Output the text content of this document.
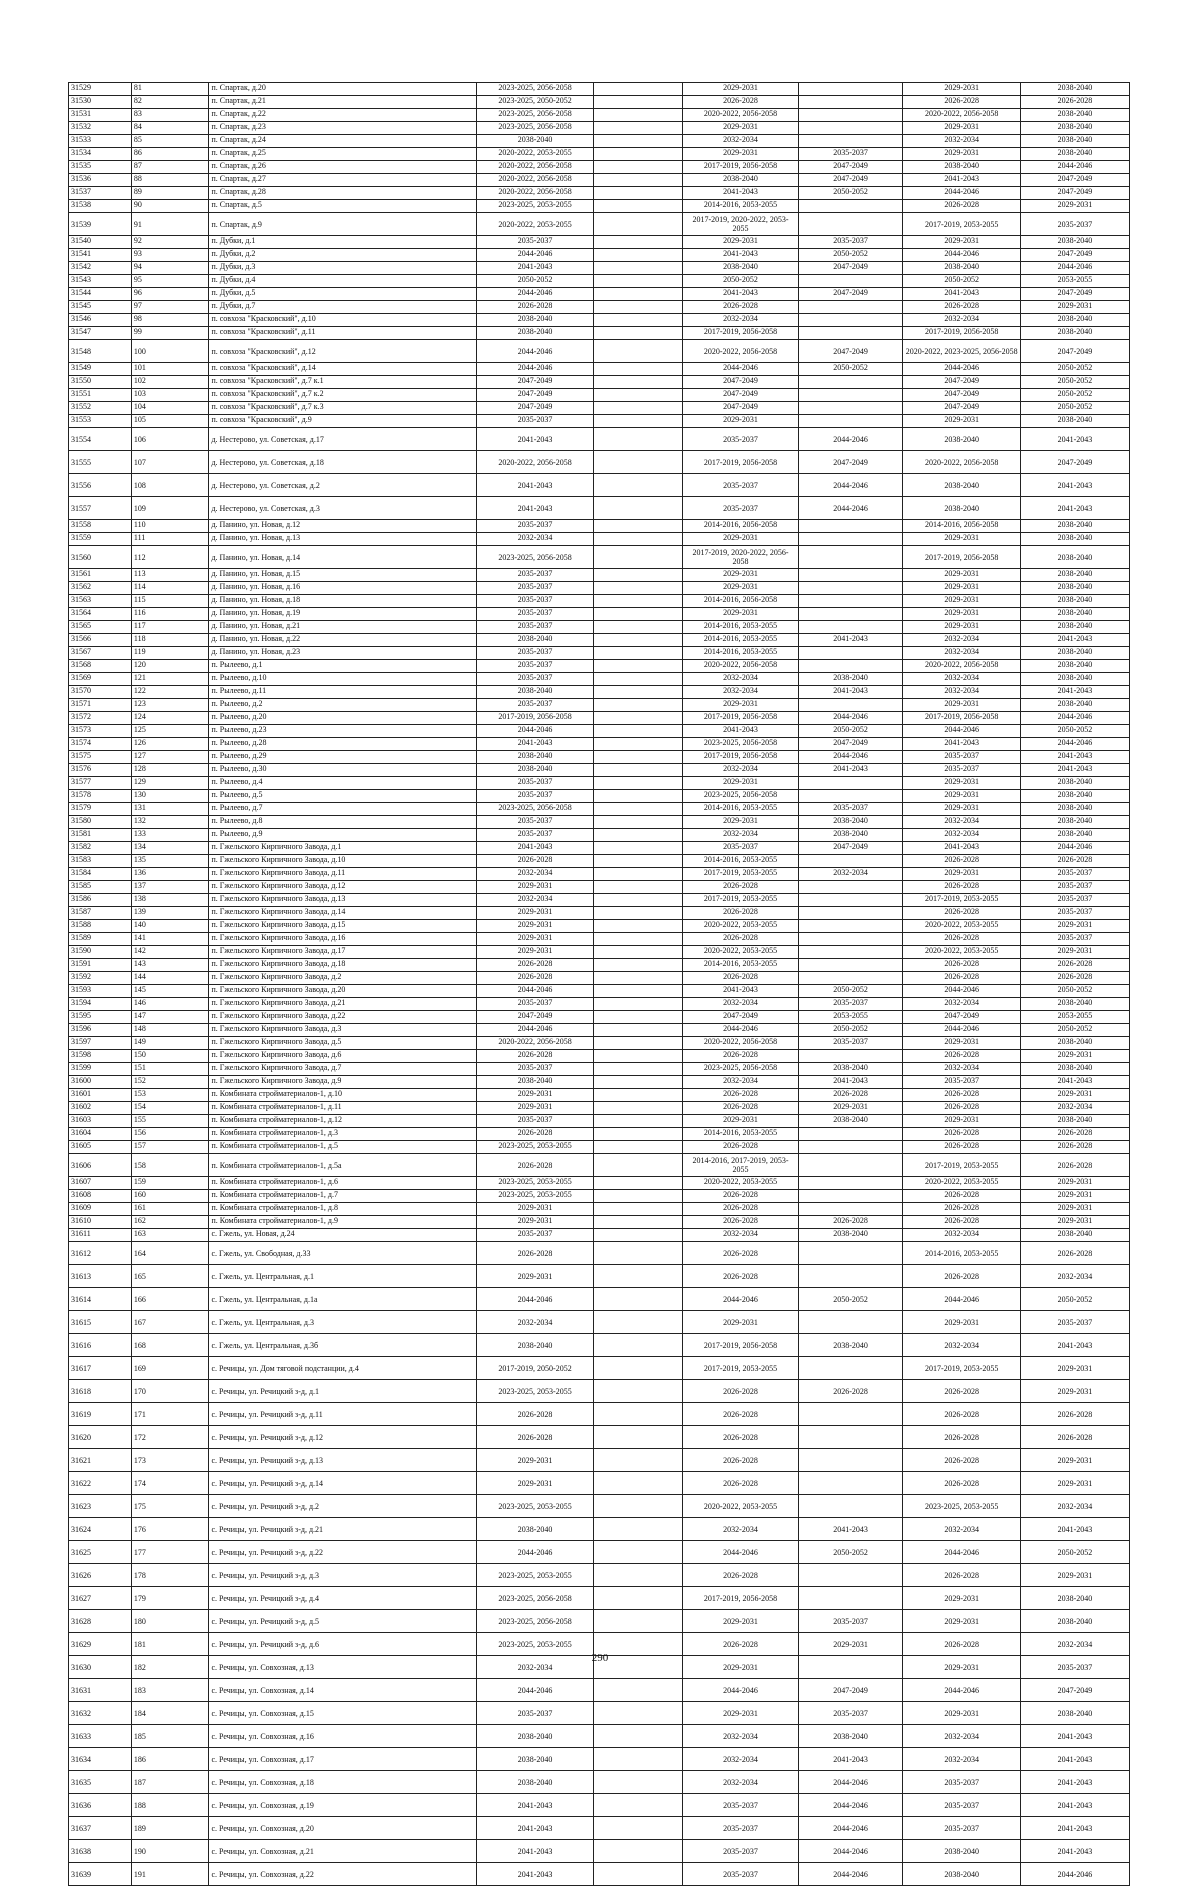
31529	81	п. Спартак, д.20	2023-2025, 2056-2058		2029-2031		2029-2031	2038-2040
31530	82	п. Спартак, д.21	2023-2025, 2050-2052		2026-2028		2026-2028	2026-2028
31531	83	п. Спартак, д.22	2023-2025, 2056-2058		2020-2022, 2056-2058		2020-2022, 2056-2058	2038-2040
31532	84	п. Спартак, д.23	2023-2025, 2056-2058		2029-2031		2029-2031	2038-2040
31533	85	п. Спартак, д.24	2038-2040		2032-2034		2032-2034	2038-2040
31534	86	п. Спартак, д.25	2020-2022, 2053-2055		2029-2031	2035-2037	2029-2031	2038-2040
31535	87	п. Спартак, д.26	2020-2022, 2056-2058		2017-2019, 2056-2058	2047-2049	2038-2040	2044-2046
31536	88	п. Спартак, д.27	2020-2022, 2056-2058		2038-2040	2047-2049	2041-2043	2047-2049
31537	89	п. Спартак, д.28	2020-2022, 2056-2058		2041-2043	2050-2052	2044-2046	2047-2049
31538	90	п. Спартак, д.5	2023-2025, 2053-2055		2014-2016, 2053-2055		2026-2028	2029-2031
31539	91	п. Спартак, д.9	2020-2022, 2053-2055		2017-2019, 2020-2022, 2053-2055		2017-2019, 2053-2055	2035-2037
31540	92	п. Дубки, д.1	2035-2037		2029-2031	2035-2037	2029-2031	2038-2040
31541	93	п. Дубки, д.2	2044-2046		2041-2043	2050-2052	2044-2046	2047-2049
31542	94	п. Дубки, д.3	2041-2043		2038-2040	2047-2049	2038-2040	2044-2046
31543	95	п. Дубки, д.4	2050-2052		2050-2052		2050-2052	2053-2055
31544	96	п. Дубки, д.5	2044-2046		2041-2043	2047-2049	2041-2043	2047-2049
31545	97	п. Дубки, д.7	2026-2028		2026-2028		2026-2028	2029-2031
31546	98	п. совхоза "Красковский", д.10	2038-2040		2032-2034		2032-2034	2038-2040
31547	99	п. совхоза "Красковский", д.11	2038-2040		2017-2019, 2056-2058		2017-2019, 2056-2058	2038-2040
31548	100	п. совхоза "Красковский", д.12	2044-2046		2020-2022, 2056-2058	2047-2049	2020-2022, 2023-2025, 2056-2058	2047-2049
31549	101	п. совхоза "Красковский", д.14	2044-2046		2044-2046	2050-2052	2044-2046	2050-2052
31550	102	п. совхоза "Красковский", д.7 к.1	2047-2049		2047-2049		2047-2049	2050-2052
31551	103	п. совхоза "Красковский", д.7 к.2	2047-2049		2047-2049		2047-2049	2050-2052
31552	104	п. совхоза "Красковский", д.7 к.3	2047-2049		2047-2049		2047-2049	2050-2052
31553	105	п. совхоза "Красковский", д.9	2035-2037		2029-2031		2029-2031	2038-2040
31554	106	д. Нестерово, ул. Советская, д.17	2041-2043		2035-2037	2044-2046	2038-2040	2041-2043
31555	107	д. Нестерово, ул. Советская, д.18	2020-2022, 2056-2058		2017-2019, 2056-2058	2047-2049	2020-2022, 2056-2058	2047-2049
31556	108	д. Нестерово, ул. Советская, д.2	2041-2043		2035-2037	2044-2046	2038-2040	2041-2043
31557	109	д. Нестерово, ул. Советская, д.3	2041-2043		2035-2037	2044-2046	2038-2040	2041-2043
31558	110	д. Панино, ул. Новая, д.12	2035-2037		2014-2016, 2056-2058		2014-2016, 2056-2058	2038-2040
31559	111	д. Панино, ул. Новая, д.13	2032-2034		2029-2031		2029-2031	2038-2040
31560	112	д. Панино, ул. Новая, д.14	2023-2025, 2056-2058		2017-2019, 2020-2022, 2056-2058		2017-2019, 2056-2058	2038-2040
31561	113	д. Панино, ул. Новая, д.15	2035-2037		2029-2031		2029-2031	2038-2040
31562	114	д. Панино, ул. Новая, д.16	2035-2037		2029-2031		2029-2031	2038-2040
31563	115	д. Панино, ул. Новая, д.18	2035-2037		2014-2016, 2056-2058		2029-2031	2038-2040
31564	116	д. Панино, ул. Новая, д.19	2035-2037		2029-2031		2029-2031	2038-2040
31565	117	д. Панино, ул. Новая, д.21	2035-2037		2014-2016, 2053-2055		2029-2031	2038-2040
31566	118	д. Панино, ул. Новая, д.22	2038-2040		2014-2016, 2053-2055	2041-2043	2032-2034	2041-2043
31567	119	д. Панино, ул. Новая, д.23	2035-2037		2014-2016, 2053-2055		2032-2034	2038-2040
31568	120	п. Рылеево, д.1	2035-2037		2020-2022, 2056-2058		2020-2022, 2056-2058	2038-2040
31569	121	п. Рылеево, д.10	2035-2037		2032-2034	2038-2040	2032-2034	2038-2040
31570	122	п. Рылеево, д.11	2038-2040		2032-2034	2041-2043	2032-2034	2041-2043
31571	123	п. Рылеево, д.2	2035-2037		2029-2031		2029-2031	2038-2040
31572	124	п. Рылеево, д.20	2017-2019, 2056-2058		2017-2019, 2056-2058	2044-2046	2017-2019, 2056-2058	2044-2046
31573	125	п. Рылеево, д.23	2044-2046		2041-2043	2050-2052	2044-2046	2050-2052
31574	126	п. Рылеево, д.28	2041-2043		2023-2025, 2056-2058	2047-2049	2041-2043	2044-2046
31575	127	п. Рылеево, д.29	2038-2040		2017-2019, 2056-2058	2044-2046	2035-2037	2041-2043
31576	128	п. Рылеево, д.30	2038-2040		2032-2034	2041-2043	2035-2037	2041-2043
31577	129	п. Рылеево, д.4	2035-2037		2029-2031		2029-2031	2038-2040
31578	130	п. Рылеево, д.5	2035-2037		2023-2025, 2056-2058		2029-2031	2038-2040
31579	131	п. Рылеево, д.7	2023-2025, 2056-2058		2014-2016, 2053-2055	2035-2037	2029-2031	2038-2040
31580	132	п. Рылеево, д.8	2035-2037		2029-2031	2038-2040	2032-2034	2038-2040
31581	133	п. Рылеево, д.9	2035-2037		2032-2034	2038-2040	2032-2034	2038-2040
31582	134	п. Гжельского Кирпичного Завода, д.1	2041-2043		2035-2037	2047-2049	2041-2043	2044-2046
31583	135	п. Гжельского Кирпичного Завода, д.10	2026-2028		2014-2016, 2053-2055		2026-2028	2026-2028
31584	136	п. Гжельского Кирпичного Завода, д.11	2032-2034		2017-2019, 2053-2055	2032-2034	2029-2031	2035-2037
31585	137	п. Гжельского Кирпичного Завода, д.12	2029-2031		2026-2028		2026-2028	2035-2037
31586	138	п. Гжельского Кирпичного Завода, д.13	2032-2034		2017-2019, 2053-2055		2017-2019, 2053-2055	2035-2037
31587	139	п. Гжельского Кирпичного Завода, д.14	2029-2031		2026-2028		2026-2028	2035-2037
31588	140	п. Гжельского Кирпичного Завода, д.15	2029-2031		2020-2022, 2053-2055		2020-2022, 2053-2055	2029-2031
31589	141	п. Гжельского Кирпичного Завода, д.16	2029-2031		2026-2028		2026-2028	2035-2037
31590	142	п. Гжельского Кирпичного Завода, д.17	2029-2031		2020-2022, 2053-2055		2020-2022, 2053-2055	2029-2031
31591	143	п. Гжельского Кирпичного Завода, д.18	2026-2028		2014-2016, 2053-2055		2026-2028	2026-2028
31592	144	п. Гжельского Кирпичного Завода, д.2	2026-2028		2026-2028		2026-2028	2026-2028
31593	145	п. Гжельского Кирпичного Завода, д.20	2044-2046		2041-2043	2050-2052	2044-2046	2050-2052
31594	146	п. Гжельского Кирпичного Завода, д.21	2035-2037		2032-2034	2035-2037	2032-2034	2038-2040
31595	147	п. Гжельского Кирпичного Завода, д.22	2047-2049		2047-2049	2053-2055	2047-2049	2053-2055
31596	148	п. Гжельского Кирпичного Завода, д.3	2044-2046		2044-2046	2050-2052	2044-2046	2050-2052
31597	149	п. Гжельского Кирпичного Завода, д.5	2020-2022, 2056-2058		2020-2022, 2056-2058	2035-2037	2029-2031	2038-2040
31598	150	п. Гжельского Кирпичного Завода, д.6	2026-2028		2026-2028		2026-2028	2029-2031
31599	151	п. Гжельского Кирпичного Завода, д.7	2035-2037		2023-2025, 2056-2058	2038-2040	2032-2034	2038-2040
31600	152	п. Гжельского Кирпичного Завода, д.9	2038-2040		2032-2034	2041-2043	2035-2037	2041-2043
31601	153	п. Комбината стройматериалов-1, д.10	2029-2031		2026-2028	2026-2028	2026-2028	2029-2031
31602	154	п. Комбината стройматериалов-1, д.11	2029-2031		2026-2028	2029-2031	2026-2028	2032-2034
31603	155	п. Комбината стройматериалов-1, д.12	2035-2037		2029-2031	2038-2040	2029-2031	2038-2040
31604	156	п. Комбината стройматериалов-1, д.3	2026-2028		2014-2016, 2053-2055		2026-2028	2026-2028
31605	157	п. Комбината стройматериалов-1, д.5	2023-2025, 2053-2055		2026-2028		2026-2028	2026-2028
31606	158	п. Комбината стройматериалов-1, д.5а	2026-2028		2014-2016, 2017-2019, 2053-2055		2017-2019, 2053-2055	2026-2028
31607	159	п. Комбината стройматериалов-1, д.6	2023-2025, 2053-2055		2020-2022, 2053-2055		2020-2022, 2053-2055	2029-2031
31608	160	п. Комбината стройматериалов-1, д.7	2023-2025, 2053-2055		2026-2028		2026-2028	2029-2031
31609	161	п. Комбината стройматериалов-1, д.8	2029-2031		2026-2028		2026-2028	2029-2031
31610	162	п. Комбината стройматериалов-1, д.9	2029-2031		2026-2028	2026-2028	2026-2028	2029-2031
31611	163	с. Гжель, ул. Новая, д.24	2035-2037		2032-2034	2038-2040	2032-2034	2038-2040
31612	164	с. Гжель, ул. Свободная, д.33	2026-2028		2026-2028		2014-2016, 2053-2055	2026-2028
31613	165	с. Гжель, ул. Центральная, д.1	2029-2031		2026-2028		2026-2028	2032-2034
31614	166	с. Гжель, ул. Центральная, д.1а	2044-2046		2044-2046	2050-2052	2044-2046	2050-2052
31615	167	с. Гжель, ул. Центральная, д.3	2032-2034		2029-2031		2029-2031	2035-2037
31616	168	с. Гжель, ул. Центральная, д.3б	2038-2040		2017-2019, 2056-2058	2038-2040	2032-2034	2041-2043
31617	169	с. Речицы, ул. Дом тяговой подстанции, д.4	2017-2019, 2050-2052		2017-2019, 2053-2055		2017-2019, 2053-2055	2029-2031
31618	170	с. Речицы, ул. Речицкий з-д, д.1	2023-2025, 2053-2055		2026-2028	2026-2028	2026-2028	2029-2031
31619	171	с. Речицы, ул. Речицкий з-д, д.11	2026-2028		2026-2028		2026-2028	2026-2028
31620	172	с. Речицы, ул. Речицкий з-д, д.12	2026-2028		2026-2028		2026-2028	2026-2028
31621	173	с. Речицы, ул. Речицкий з-д, д.13	2029-2031		2026-2028		2026-2028	2029-2031
31622	174	с. Речицы, ул. Речицкий з-д, д.14	2029-2031		2026-2028		2026-2028	2029-2031
31623	175	с. Речицы, ул. Речицкий з-д, д.2	2023-2025, 2053-2055		2020-2022, 2053-2055		2023-2025, 2053-2055	2032-2034
31624	176	с. Речицы, ул. Речицкий з-д, д.21	2038-2040		2032-2034	2041-2043	2032-2034	2041-2043
31625	177	с. Речицы, ул. Речицкий з-д, д.22	2044-2046		2044-2046	2050-2052	2044-2046	2050-2052
31626	178	с. Речицы, ул. Речицкий з-д, д.3	2023-2025, 2053-2055		2026-2028		2026-2028	2029-2031
31627	179	с. Речицы, ул. Речицкий з-д, д.4	2023-2025, 2056-2058		2017-2019, 2056-2058		2029-2031	2038-2040
31628	180	с. Речицы, ул. Речицкий з-д, д.5	2023-2025, 2056-2058		2029-2031	2035-2037	2029-2031	2038-2040
31629	181	с. Речицы, ул. Речицкий з-д, д.6	2023-2025, 2053-2055		2026-2028	2029-2031	2026-2028	2032-2034
31630	182	с. Речицы, ул. Совхозная, д.13	2032-2034		2029-2031		2029-2031	2035-2037
31631	183	с. Речицы, ул. Совхозная, д.14	2044-2046		2044-2046	2047-2049	2044-2046	2047-2049
31632	184	с. Речицы, ул. Совхозная, д.15	2035-2037		2029-2031	2035-2037	2029-2031	2038-2040
31633	185	с. Речицы, ул. Совхозная, д.16	2038-2040		2032-2034	2038-2040	2032-2034	2041-2043
31634	186	с. Речицы, ул. Совхозная, д.17	2038-2040		2032-2034	2041-2043	2032-2034	2041-2043
31635	187	с. Речицы, ул. Совхозная, д.18	2038-2040		2032-2034	2044-2046	2035-2037	2041-2043
31636	188	с. Речицы, ул. Совхозная, д.19	2041-2043		2035-2037	2044-2046	2035-2037	2041-2043
31637	189	с. Речицы, ул. Совхозная, д.20	2041-2043		2035-2037	2044-2046	2035-2037	2041-2043
31638	190	с. Речицы, ул. Совхозная, д.21	2041-2043		2035-2037	2044-2046	2038-2040	2041-2043
31639	191	с. Речицы, ул. Совхозная, д.22	2041-2043		2035-2037	2044-2046	2038-2040	2044-2046
290
